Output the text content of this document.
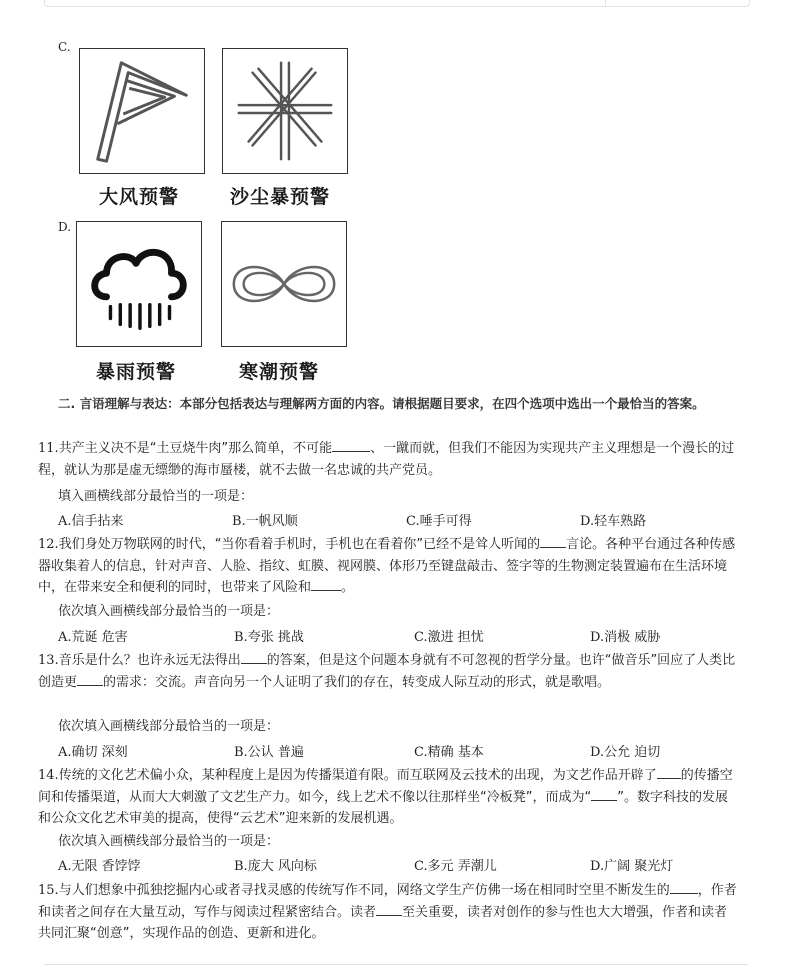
C.
大风预警	沙尘暴预警
D.
暴雨预警	寒潮预警
二. 言语理解与表达：本部分包括表达与理解两方面的内容。请根据题目要求，在四个选项中选出一个最恰当的答案。
11.共产主义决不是“土豆烧牛肉”那么简单，不可能	、一蹴而就，但我们不能因为实现共产主义理想是一个漫长的过程，就认为那是虚无缥缈的海市蜃楼，就不去做一名忠诚的共产党员。
填入画横线部分最恰当的一项是：
A.信手拈来	B.一帆风顺	C.唾手可得	D.轻车熟路
12.我们身处万物联网的时代，“当你看着手机时，手机也在看着你”已经不是耸人听闻的 言论。各种平台通过各种传感器收集着人的信息，针对声音、人脸、指纹、虹膜、视网膜、体形乃至键盘敲击、签字等的生物测定装置遍布在生活环境中，在带来安全和便利的同时，也带来了风险和 。
依次填入画横线部分最恰当的一项是：
A.荒诞 危害	B.夸张 挑战	C.激进 担忧	D.消极 威胁
13.音乐是什么？也许永远无法得出 的答案，但是这个问题本身就有不可忽视的哲学分量。也许“做音乐”回应了人类比创造更 的需求：交流。声音向另一个人证明了我们的存在，转变成人际互动的形式，就是歌唱。
依次填入画横线部分最恰当的一项是：
A.确切 深刻	B.公认 普遍	C.精确 基本	D.公允 迫切
14.传统的文化艺术偏小众，某种程度上是因为传播渠道有限。而互联网及云技术的出现，为文艺作品开辟了 的传播空间和传播渠道，从而大大刺激了文艺生产力。如今，线上艺术不像以往那样坐“冷板凳”，而成为“ ”。数字科技的发展和公众文化艺术审美的提高，使得“云艺术”迎来新的发展机遇。
依次填入画横线部分最恰当的一项是：
A.无限 香饽饽	B.庞大 风向标	C.多元 弄潮儿	D.广阔 聚光灯
15.与人们想象中孤独挖掘内心或者寻找灵感的传统写作不同，网络文学生产仿佛一场在相同时空里不断发生的 ，作者和读者之间存在大量互动，写作与阅读过程紧密结合。读者 至关重要，读者对创作的参与性也大大增强，作者和读者共同汇聚“创意”，实现作品的创造、更新和进化。
